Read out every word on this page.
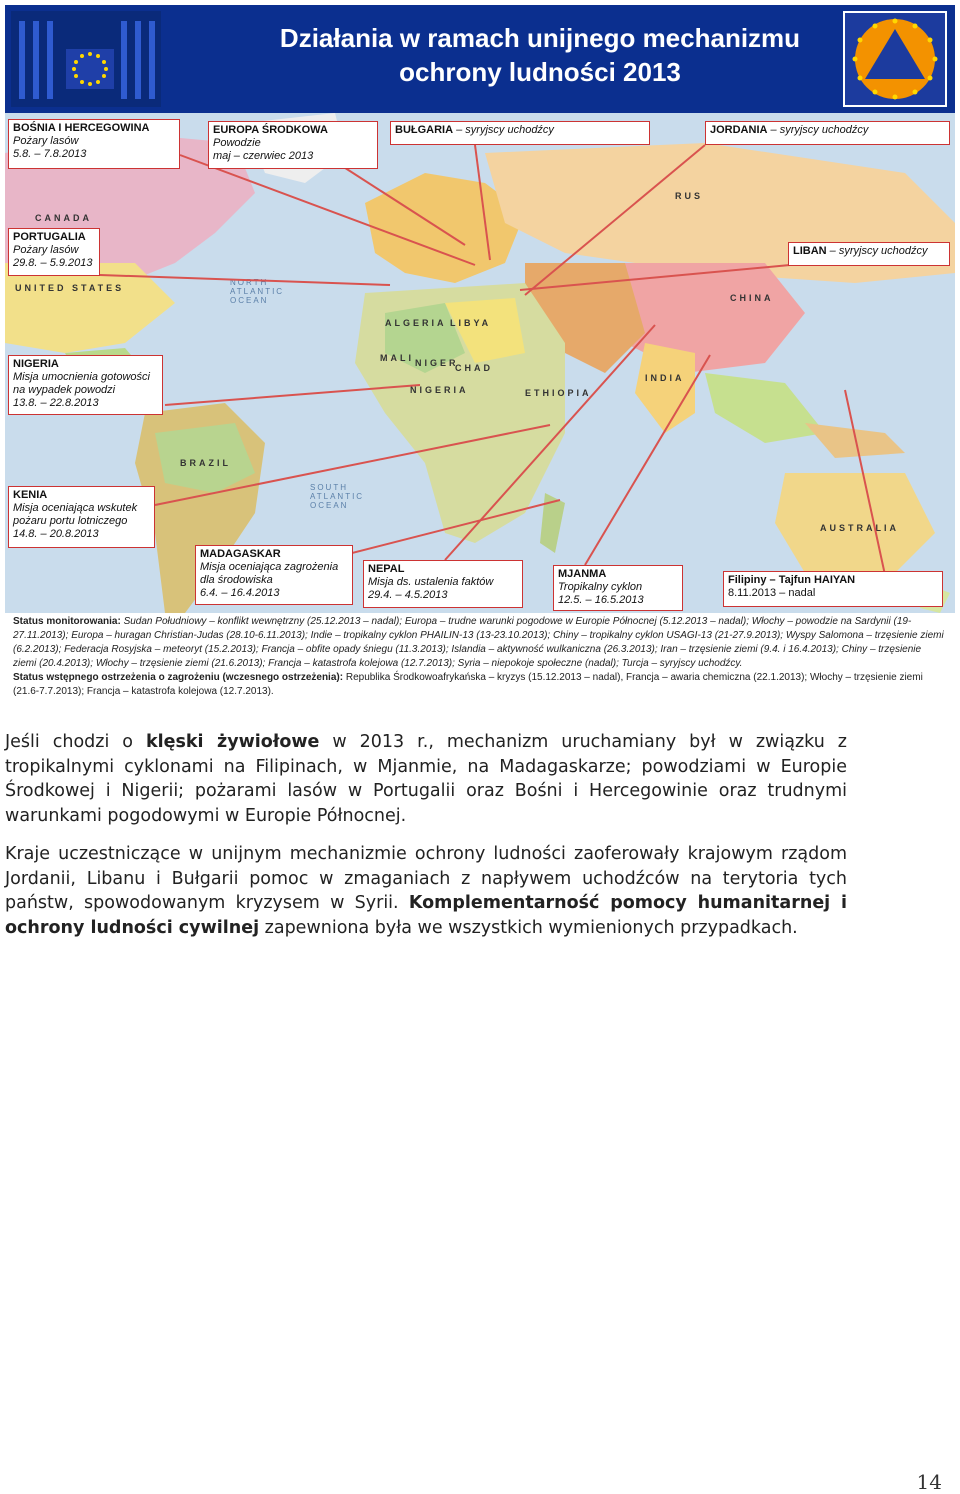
Działania w ramach unijnego mechanizmu
ochrony ludności 2013
CANADA
UNITED STATES
NORTH ATLANTIC OCEAN
SOUTH ATLANTIC OCEAN
BRAZIL
ALGERIA LIBYA
CHAD
NIGER
MALI
NIGERIA	ETHIOPIA
CHINA
INDIA
RUS
AUSTRALIA
BOŚNIA I HERCEGOWINA
Pożary lasów
5.8. – 7.8.2013
EUROPA ŚRODKOWA
Powodzie
maj – czerwiec 2013
BUŁGARIA – syryjscy uchodźcy	JORDANIA – syryjscy uchodźcy
PORTUGALIA
Pożary lasów
29.8. – 5.9.2013
LIBAN – syryjscy uchodźcy
NIGERIA
Misja umocnienia gotowości
na wypadek powodzi
13.8. – 22.8.2013
KENIA
Misja oceniająca wskutek
pożaru portu lotniczego
14.8. – 20.8.2013
MADAGASKAR
Misja oceniająca zagrożenia
dla środowiska
6.4. – 16.4.2013
NEPAL
Misja ds. ustalenia faktów
29.4. – 4.5.2013
MJANMA
Tropikalny cyklon
12.5. – 16.5.2013
Filipiny – Tajfun HAIYAN
8.11.2013 – nadal
Status monitorowania: Sudan Południowy – konflikt wewnętrzny (25.12.2013 – nadal); Europa – trudne warunki pogodowe w Europie Północnej (5.12.2013 – nadal); Włochy – powodzie na Sardynii (19-27.11.2013); Europa – huragan Christian-Judas (28.10-6.11.2013); Indie – tropikalny cyklon PHAILIN-13 (13-23.10.2013); Chiny – tropikalny cyklon USAGI-13 (21-27.9.2013); Wyspy Salomona – trzęsienie ziemi (6.2.2013); Federacja Rosyjska – meteoryt (15.2.2013); Francja – obfite opady śniegu (11.3.2013); Islandia – aktywność wulkaniczna (26.3.2013); Iran – trzęsienie ziemi (9.4. i 16.4.2013); Chiny – trzęsienie ziemi (20.4.2013); Włochy – trzęsienie ziemi (21.6.2013); Francja – katastrofa kolejowa (12.7.2013); Syria – niepokoje społeczne (nadal); Turcja – syryjscy uchodźcy.
Status wstępnego ostrzeżenia o zagrożeniu (wczesnego ostrzeżenia): Republika Środkowoafrykańska – kryzys (15.12.2013 – nadal), Francja – awaria chemiczna (22.1.2013); Włochy – trzęsienie ziemi (21.6-7.7.2013); Francja – katastrofa kolejowa (12.7.2013).

Jeśli chodzi o klęski żywiołowe w 2013 r., mechanizm uruchamiany był w związku z tropikalnymi cyklonami na Filipinach, w Mjanmie, na Madagaskarze; powodziami w Europie Środkowej i Nigerii; pożarami lasów w Portugalii oraz Bośni i Hercegowinie oraz trudnymi warunkami pogodowymi w Europie Północnej.

Kraje uczestniczące w unijnym mechanizmie ochrony ludności zaoferowały krajowym rządom Jordanii, Libanu i Bułgarii pomoc w zmaganiach z napływem uchodźców na terytoria tych państw, spowodowanym kryzysem w Syrii. Komplementarność pomocy humanitarnej i ochrony ludności cywilnej zapewniona była we wszystkich wymienionych przypadkach.

14
